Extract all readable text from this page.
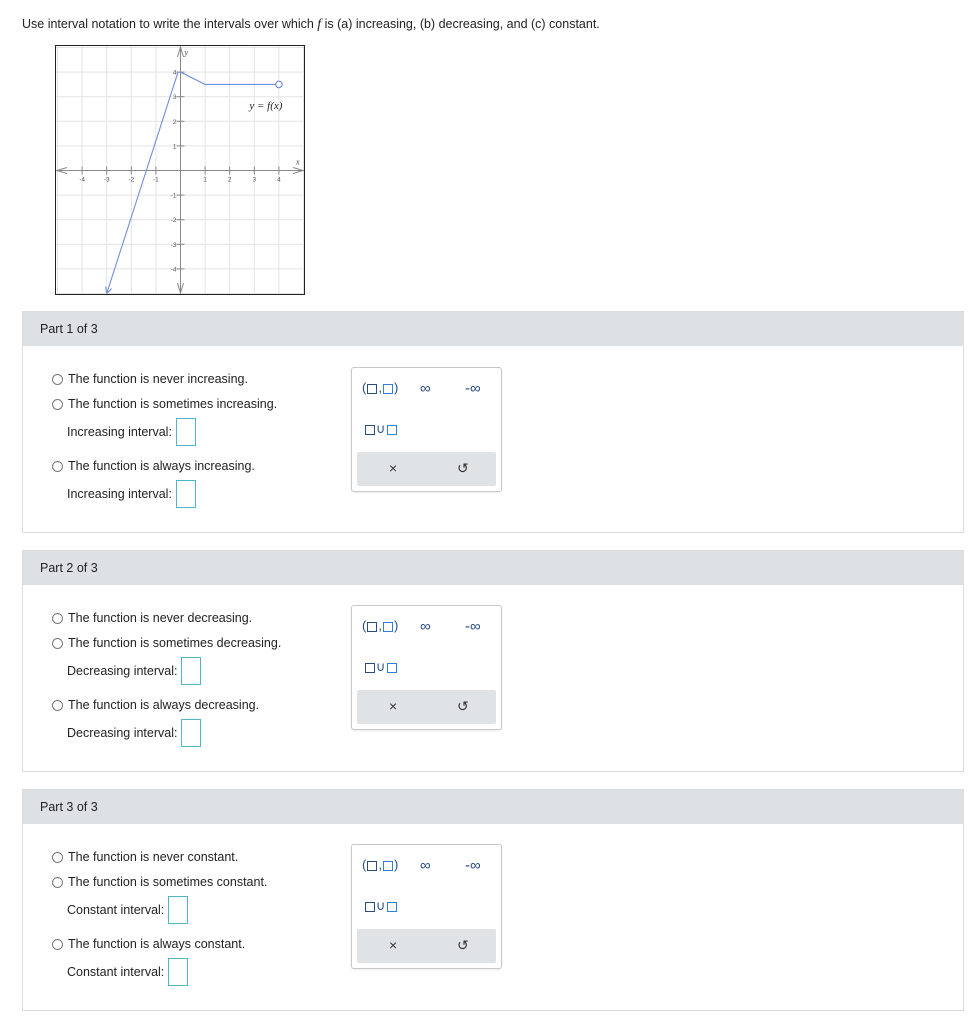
Use interval notation to write the intervals over which f is (a) increasing, (b) decreasing, and (c) constant.
-4	-3	-2	-1	1	2	3	4
4
3
2
1
-1
-2
-3
-4
x
y
y = f(x)
Part 1 of 3
The function is never increasing.
The function is sometimes increasing.
Increasing interval:
The function is always increasing.
Increasing interval:
( , ) ∞ -∞
∪
×	↺
Part 2 of 3
The function is never decreasing.
The function is sometimes decreasing.
Decreasing interval:
The function is always decreasing.
Decreasing interval:
( , ) ∞ -∞
∪
×	↺
Part 3 of 3
The function is never constant.
The function is sometimes constant.
Constant interval:
The function is always constant.
Constant interval:
( , ) ∞ -∞
∪
×	↺
